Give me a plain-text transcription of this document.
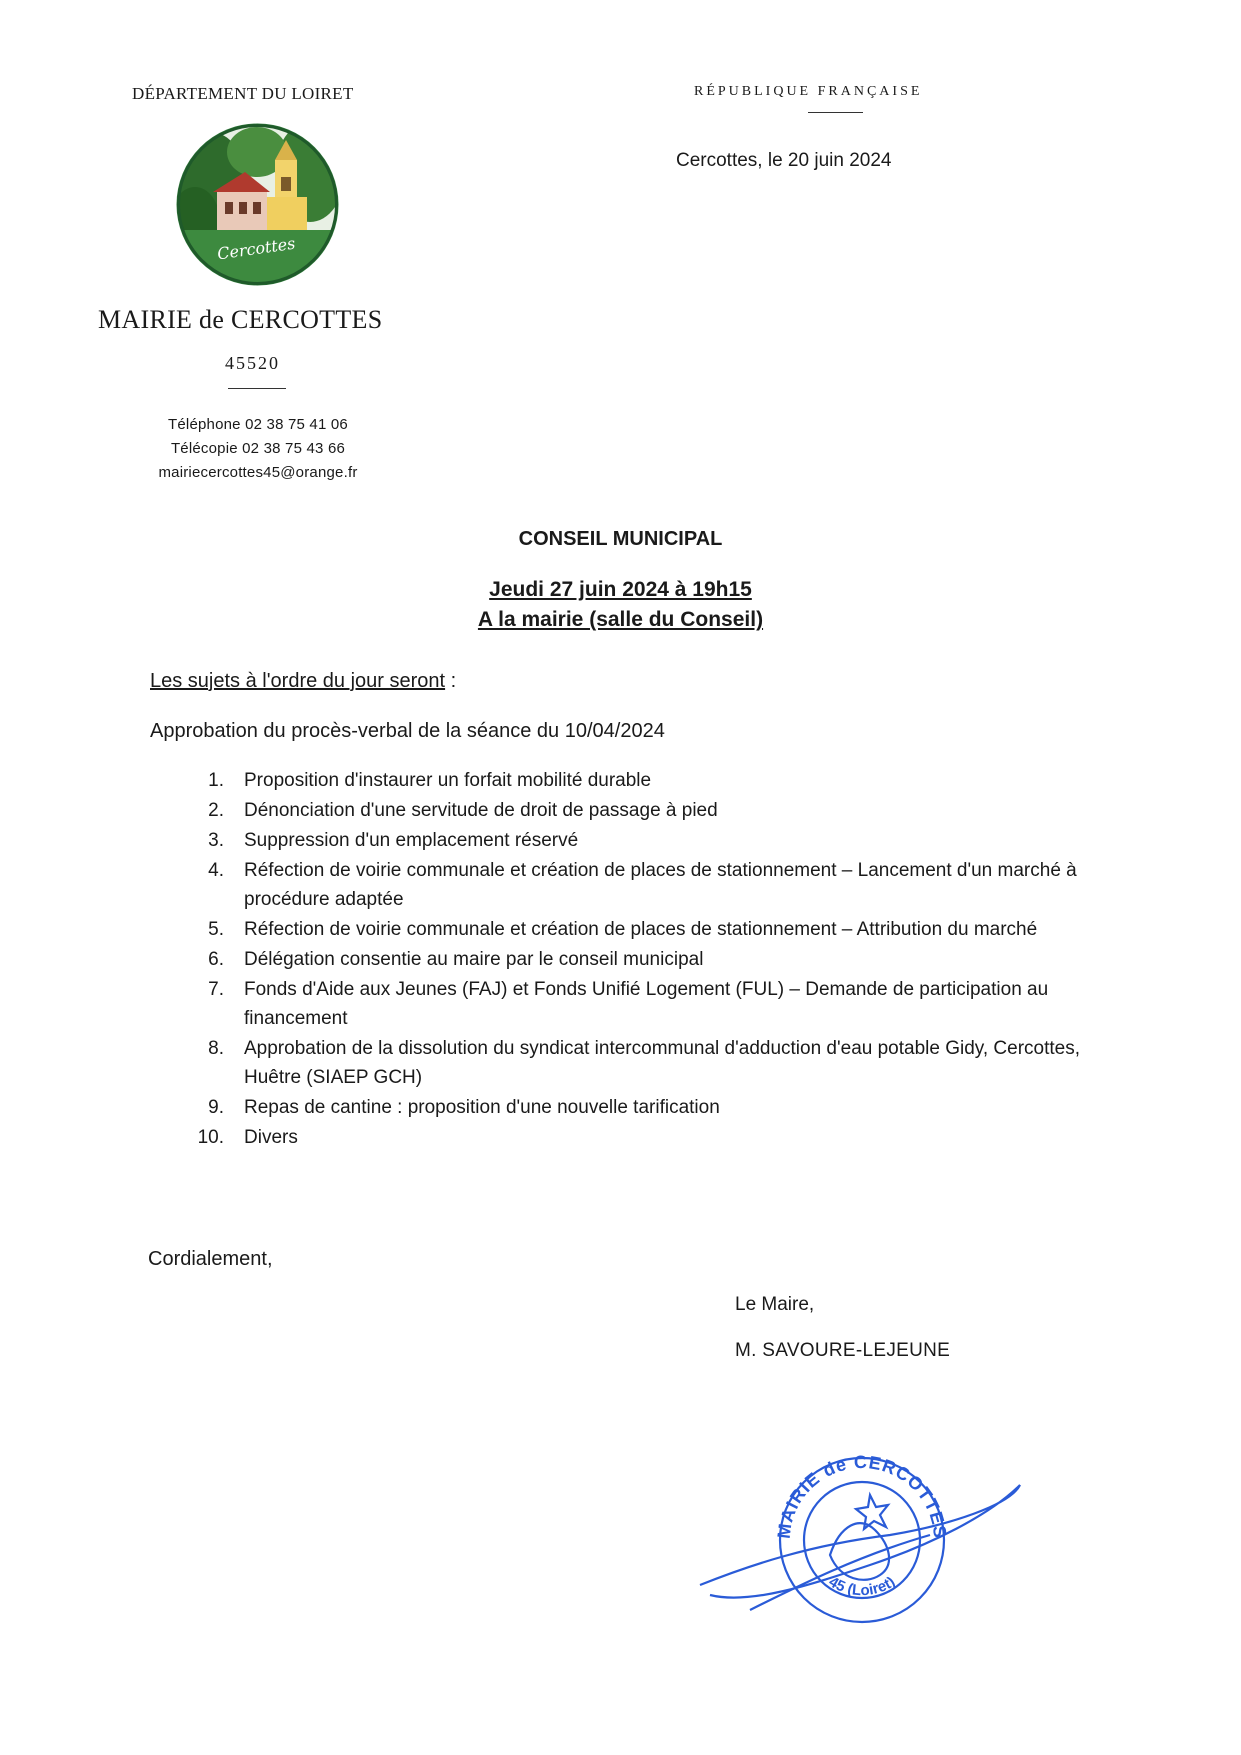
DÉPARTEMENT DU LOIRET	RÉPUBLIQUE FRANÇAISE
Cercottes, le 20 juin 2024
Cercottes
MAIRIE de CERCOTTES
45520
Téléphone 02 38 75 41 06
Télécopie 02 38 75 43 66
mairiecercottes45@orange.fr
CONSEIL MUNICIPAL
Jeudi 27 juin 2024 à 19h15
A la mairie (salle du Conseil)
Les sujets à l'ordre du jour seront :
Approbation du procès-verbal de la séance du 10/04/2024
1.	Proposition d'instaurer un forfait mobilité durable
2.	Dénonciation d'une servitude de droit de passage à pied
3.	Suppression d'un emplacement réservé
4.	Réfection de voirie communale et création de places de stationnement – Lancement d'un marché à procédure adaptée
5.	Réfection de voirie communale et création de places de stationnement – Attribution du marché
6.	Délégation consentie au maire par le conseil municipal
7.	Fonds d'Aide aux Jeunes (FAJ) et Fonds Unifié Logement (FUL) – Demande de participation au financement
8.	Approbation de la dissolution du syndicat intercommunal d'adduction d'eau potable Gidy, Cercottes, Huêtre (SIAEP GCH)
9.	Repas de cantine : proposition d'une nouvelle tarification
10.	Divers
Cordialement,
Le Maire,
M. SAVOURE-LEJEUNE
MAIRIE de CERCOTTES
45 (Loiret)
